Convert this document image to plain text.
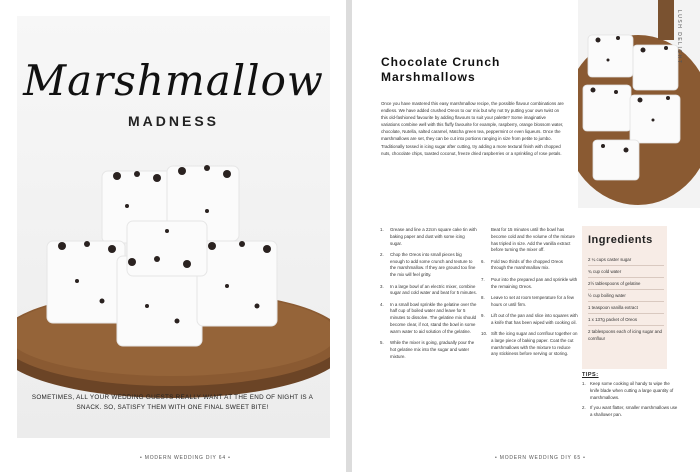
Marshmallow
MADNESS
SOMETIMES, ALL YOUR WEDDING GUESTS REALLY WANT AT THE END OF NIGHT IS A SNACK. SO, SATISFY THEM WITH ONE FINAL SWEET BITE!
• MODERN WEDDING DIY 64 •
LUSH DELIGHT
Chocolate Crunch Marshmallows
Once you have mastered this easy marshmallow recipe, the possible flavour combinations are endless. We have added crushed Oreos to our mix but why not try putting your own twist on this old-fashioned favourite by adding flavours to suit your palette? Some imaginative variations combine well with this fluffy favourite for example, raspberry, orange blossom water, chocolate, Nutella, salted caramel, Matcha green tea, peppermint or even liqueurs. Once the marshmallows are set, they can be cut into portions ranging in size from petite to jumbo. Traditionally tossed in icing sugar after cutting, try adding a more textural finish with chopped nuts, chocolate chips, toasted coconut, freeze dried raspberries or a sprinkling of rose petals.
1. Grease and line a 22cm square cake tin with baking paper and dust with some icing sugar.
2. Chop the Oreos into small pieces big enough to add some crunch and texture to the marshmallow. If they are ground too fine the mix will feel gritty.
3. In a large bowl of an electric mixer, combine sugar and cold water and beat for 5 minutes.
4. In a small bowl sprinkle the gelatine over the half cup of boiled water and leave for 5 minutes to dissolve. The gelatine mix should become clear, if not, stand the bowl in some warm water to aid solution of the gelatine.
5. While the mixer is going, gradually pour the hot gelatine mix into the sugar and water mixture.
Beat for 15 minutes until the bowl has become cold and the volume of the mixture has tripled in size. Add the vanilla extract before turning the mixer off.
6. Fold two thirds of the chopped Oreos through the marshmallow mix.
7. Pour into the prepared pan and sprinkle with the remaining Oreos.
8. Leave to set at room temperature for a few hours or until firm.
9. Lift out of the pan and slice into squares with a knife that has been wiped with cooking oil.
10. Sift the icing sugar and cornflour together on a large piece of baking paper. Coat the cut marshmallows with the mixture to reduce any stickiness before serving or storing.
Ingredients
2 ¼ cups caster sugar
¾ cup cold water
2½ tablespoons of gelatine
½ cup boiling water
1 teaspoon vanilla extract
1 x 137g packet of Oreos
2 tablespoons each of icing sugar and cornflour
TIPS:
1. Keep some cooking oil handy to wipe the knife blade when cutting a large quantity of marshmallows.
2. If you want flatter, smaller marshmallows use a shallower pan.
• MODERN WEDDING DIY 65 •
